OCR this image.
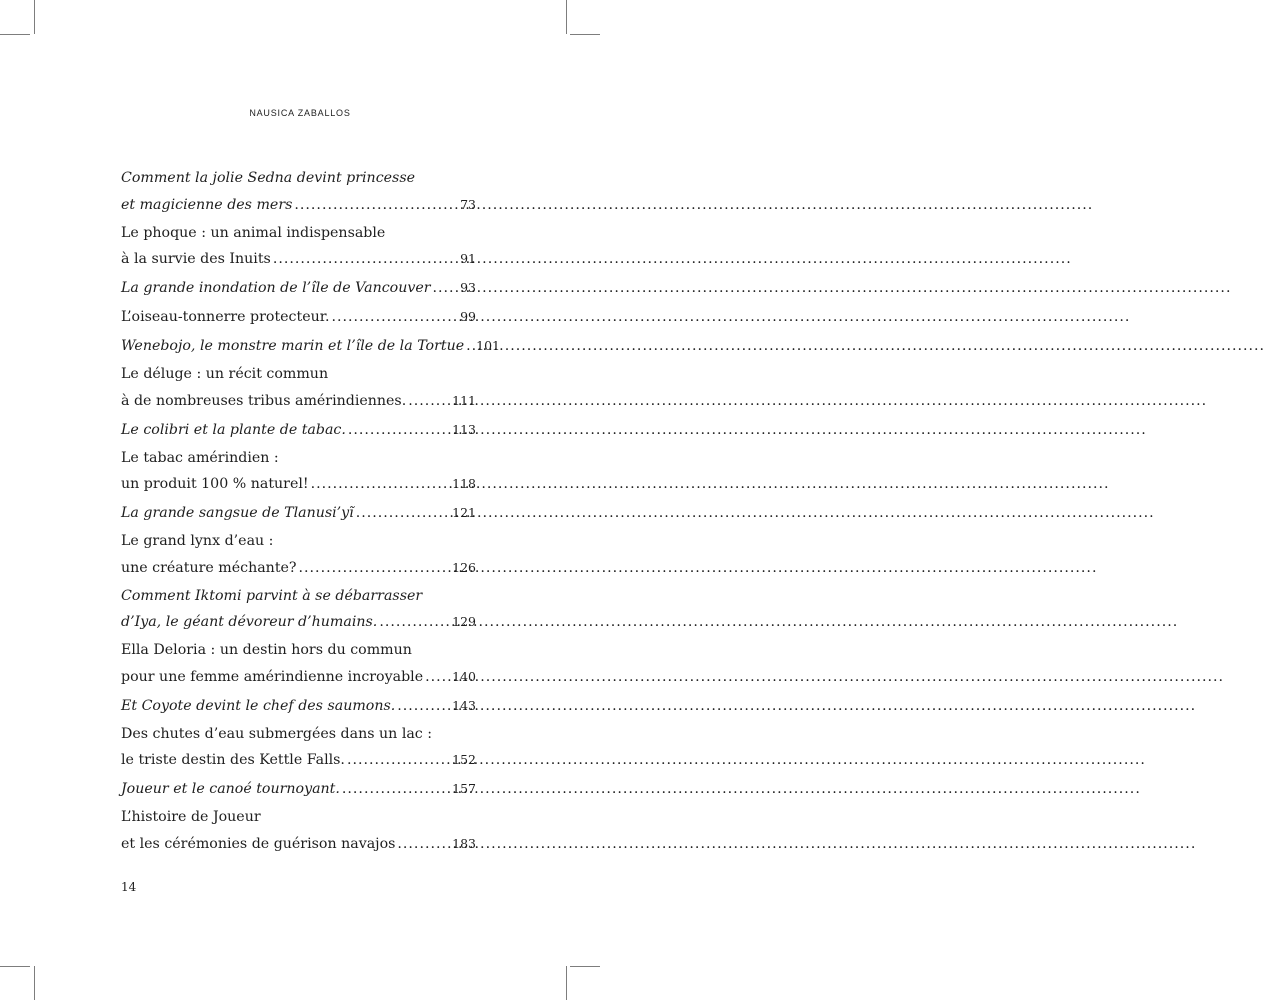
NAUSICA ZABALLOS
Comment la jolie Sedna devint princesse
et magicienne des mers .....	73
Le phoque : un animal indispensable
à la survie des Inuits .....	91
La grande inondation de l’île de Vancouver ..... 93
L’oiseau-tonnerre protecteur. .....	99
Wenebojo, le monstre marin et l’île de la Tortue ..... 101
Le déluge : un récit commun
à de nombreuses tribus amérindiennes. .....	111
Le colibri et la plante de tabac. .....	113
Le tabac amérindien :
un produit 100 % naturel! .....	118
La grande sangsue de Tlanusi’yĩ .....	121
Le grand lynx d’eau :
une créature méchante? .....	126
Comment Iktomi parvint à se débarrasser
d’Iya, le géant dévoreur d’humains. .....	129
Ella Deloria : un destin hors du commun
pour une femme amérindienne incroyable ..... 140
Et Coyote devint le chef des saumons. .....	143
Des chutes d’eau submergées dans un lac :
le triste destin des Kettle Falls. .....	152
Joueur et le canoé tournoyant. .....	157
L’histoire de Joueur
et les cérémonies de guérison navajos .....	183
14
